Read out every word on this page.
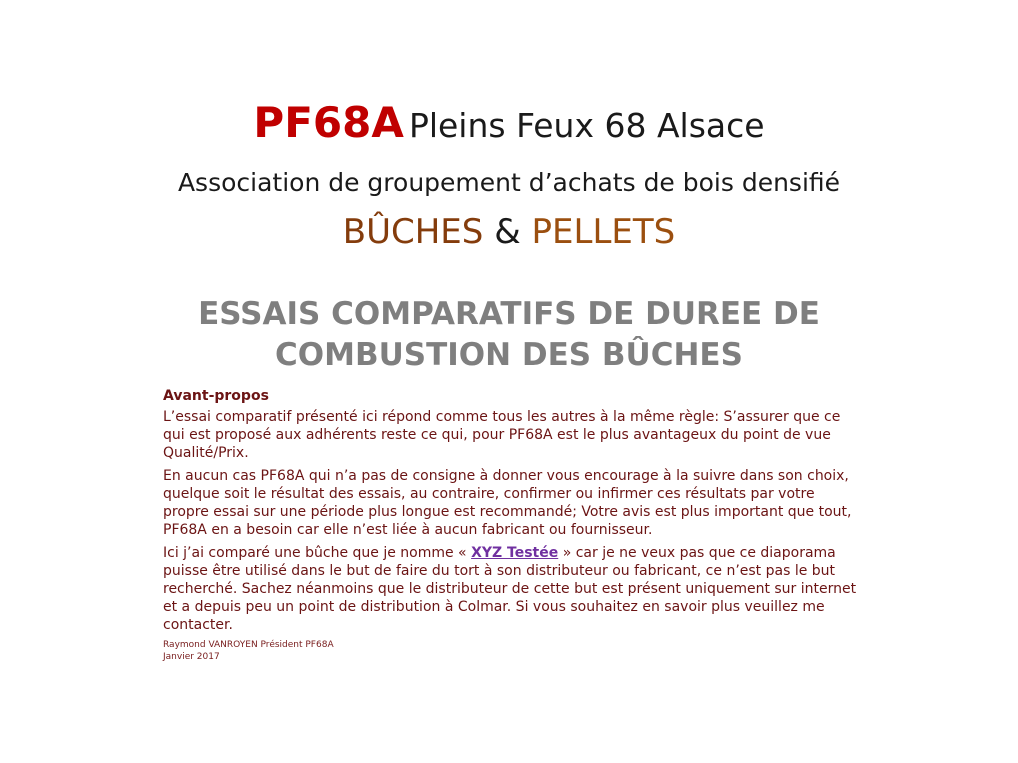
PF68A Pleins Feux 68 Alsace
Association de groupement d’achats de bois densifié
BÛCHES & PELLETS
ESSAIS COMPARATIFS DE DUREE DE
COMBUSTION DES BÛCHES

Avant-propos

L’essai comparatif présenté ici répond comme tous les autres à la même règle: S’assurer que ce qui est proposé aux adhérents reste ce qui, pour PF68A est le plus avantageux du point de vue Qualité/Prix.

En aucun cas PF68A qui n’a pas de consigne à donner vous encourage à la suivre dans son choix, quelque soit le résultat des essais, au contraire, confirmer ou infirmer ces résultats par votre propre essai sur une période plus longue est recommandé; Votre avis est plus important que tout, PF68A en a besoin car elle n’est liée à aucun fabricant ou fournisseur.

Ici j’ai comparé une bûche que je nomme « XYZ Testée » car je ne veux pas que ce diaporama puisse être utilisé dans le but de faire du tort à son distributeur ou fabricant, ce n’est pas le but recherché. Sachez néanmoins que le distributeur de cette but est présent uniquement sur internet et a depuis peu un point de distribution à Colmar. Si vous souhaitez en savoir plus veuillez me contacter.

Raymond VANROYEN Président PF68A
Janvier 2017
